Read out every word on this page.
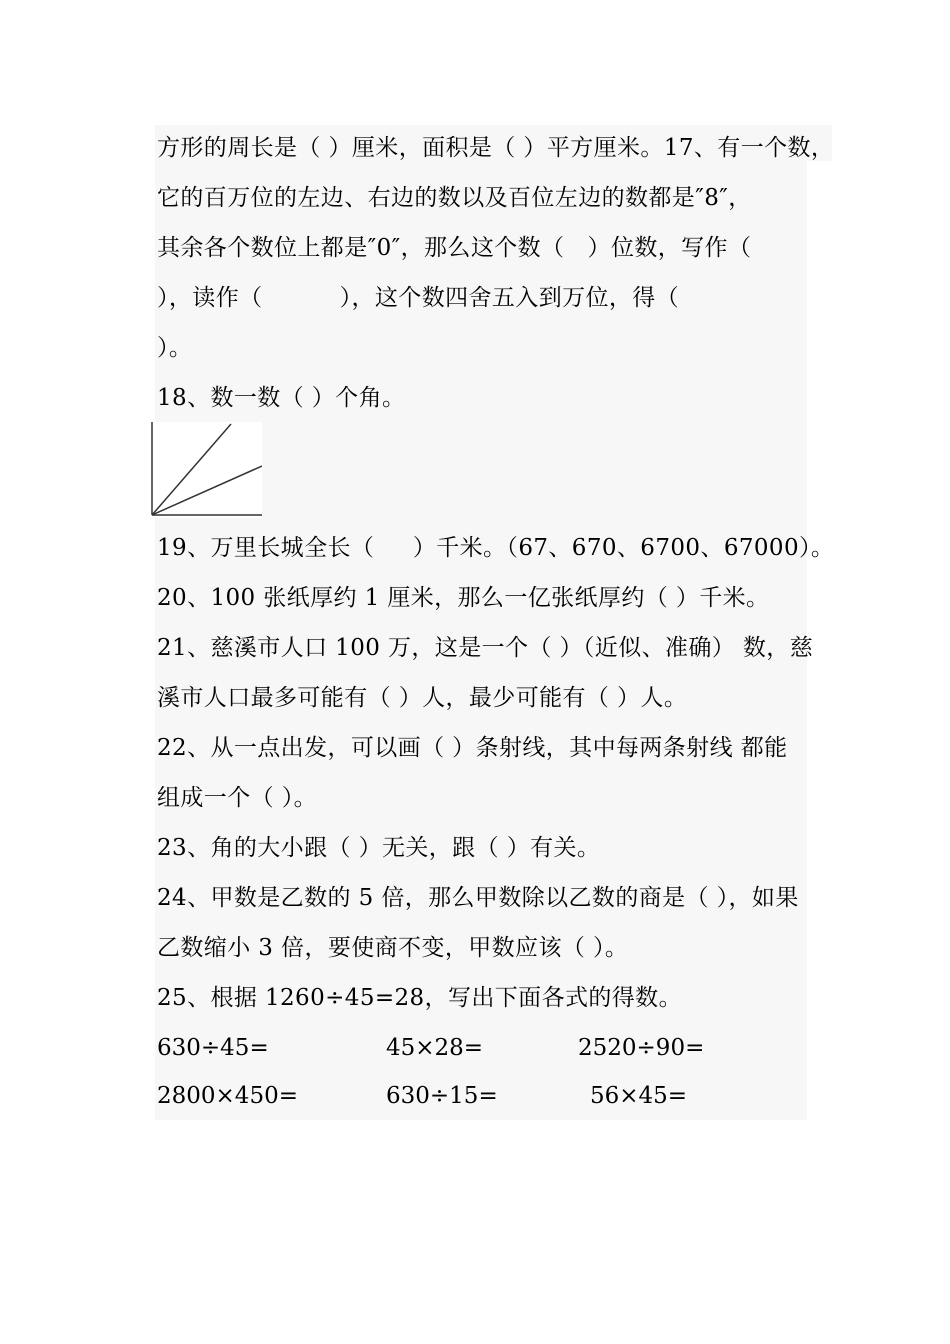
方形的周长是（ ）厘米，面积是（ ）平方厘米。17、有一个数，
它的百万位的左边、右边的数以及百位左边的数都是″8″，
其余各个数位上都是″0″，那么这个数（   ）位数，写作（
），读作（          ），这个数四舍五入到万位，得（
）。
18、数一数（ ）个角。
19、万里长城全长（     ）千米。（67、670、6700、67000）。
20、100 张纸厚约 1 厘米，那么一亿张纸厚约（ ）千米。
21、慈溪市人口 100 万，这是一个（ ）（近似、准确） 数，慈
溪市人口最多可能有（ ）人，最少可能有（ ）人。
22、从一点出发，可以画（ ）条射线，其中每两条射线 都能
组成一个（ ）。
23、角的大小跟（ ）无关，跟（ ）有关。
24、甲数是乙数的 5 倍，那么甲数除以乙数的商是（ ），如果
乙数缩小 3 倍，要使商不变，甲数应该（ ）。
25、根据 1260÷45=28，写出下面各式的得数。
630÷45=	45×28=	2520÷90=
2800×450=	630÷15=	56×45=
